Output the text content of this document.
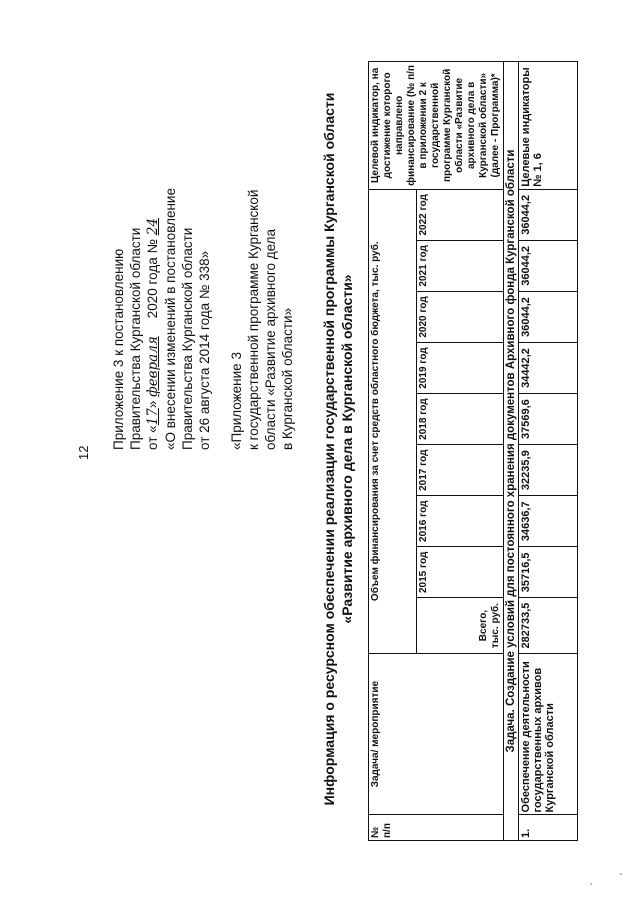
12
Приложение 3 к постановлению Правительства Курганской области от «17» февраля2020 года № 24 «О внесении изменений в постановление Правительства Курганской области от 26 августа 2014 года № 338» «Приложение 3 к государственной программе Курганской области «Развитие архивного дела в Курганской области» Информация о ресурсном обеспечении реализации государственной программы Курганской области «Развитие архивного дела в Курганской области»
№ п/п	Задача/ мероприятие	Объем финансирования за счет средств областного бюджета, тыс. руб.									Целевой индикатор, на достижение которого направлено финансирование (№ п/п в приложении 2 к государственной программе Курганской области «Развитие архивного дела в Курганской области» (далее - Программа)*
		Всего, тыс. руб.	2015 год	2016 год	2017 год	2018 год	2019 год	2020 год	2021 год	2022 год	
Задача. Создание условий для постоянного хранения документов Архивного фонда Курганской области											
1.	Обеспечение деятельности государственных архивов Курганской области	282733,5	35716,5	34636,7	32235,9	37569,6	34442,2	36044,2	36044,2	36044,2	Целевые индикаторы № 1, 6
